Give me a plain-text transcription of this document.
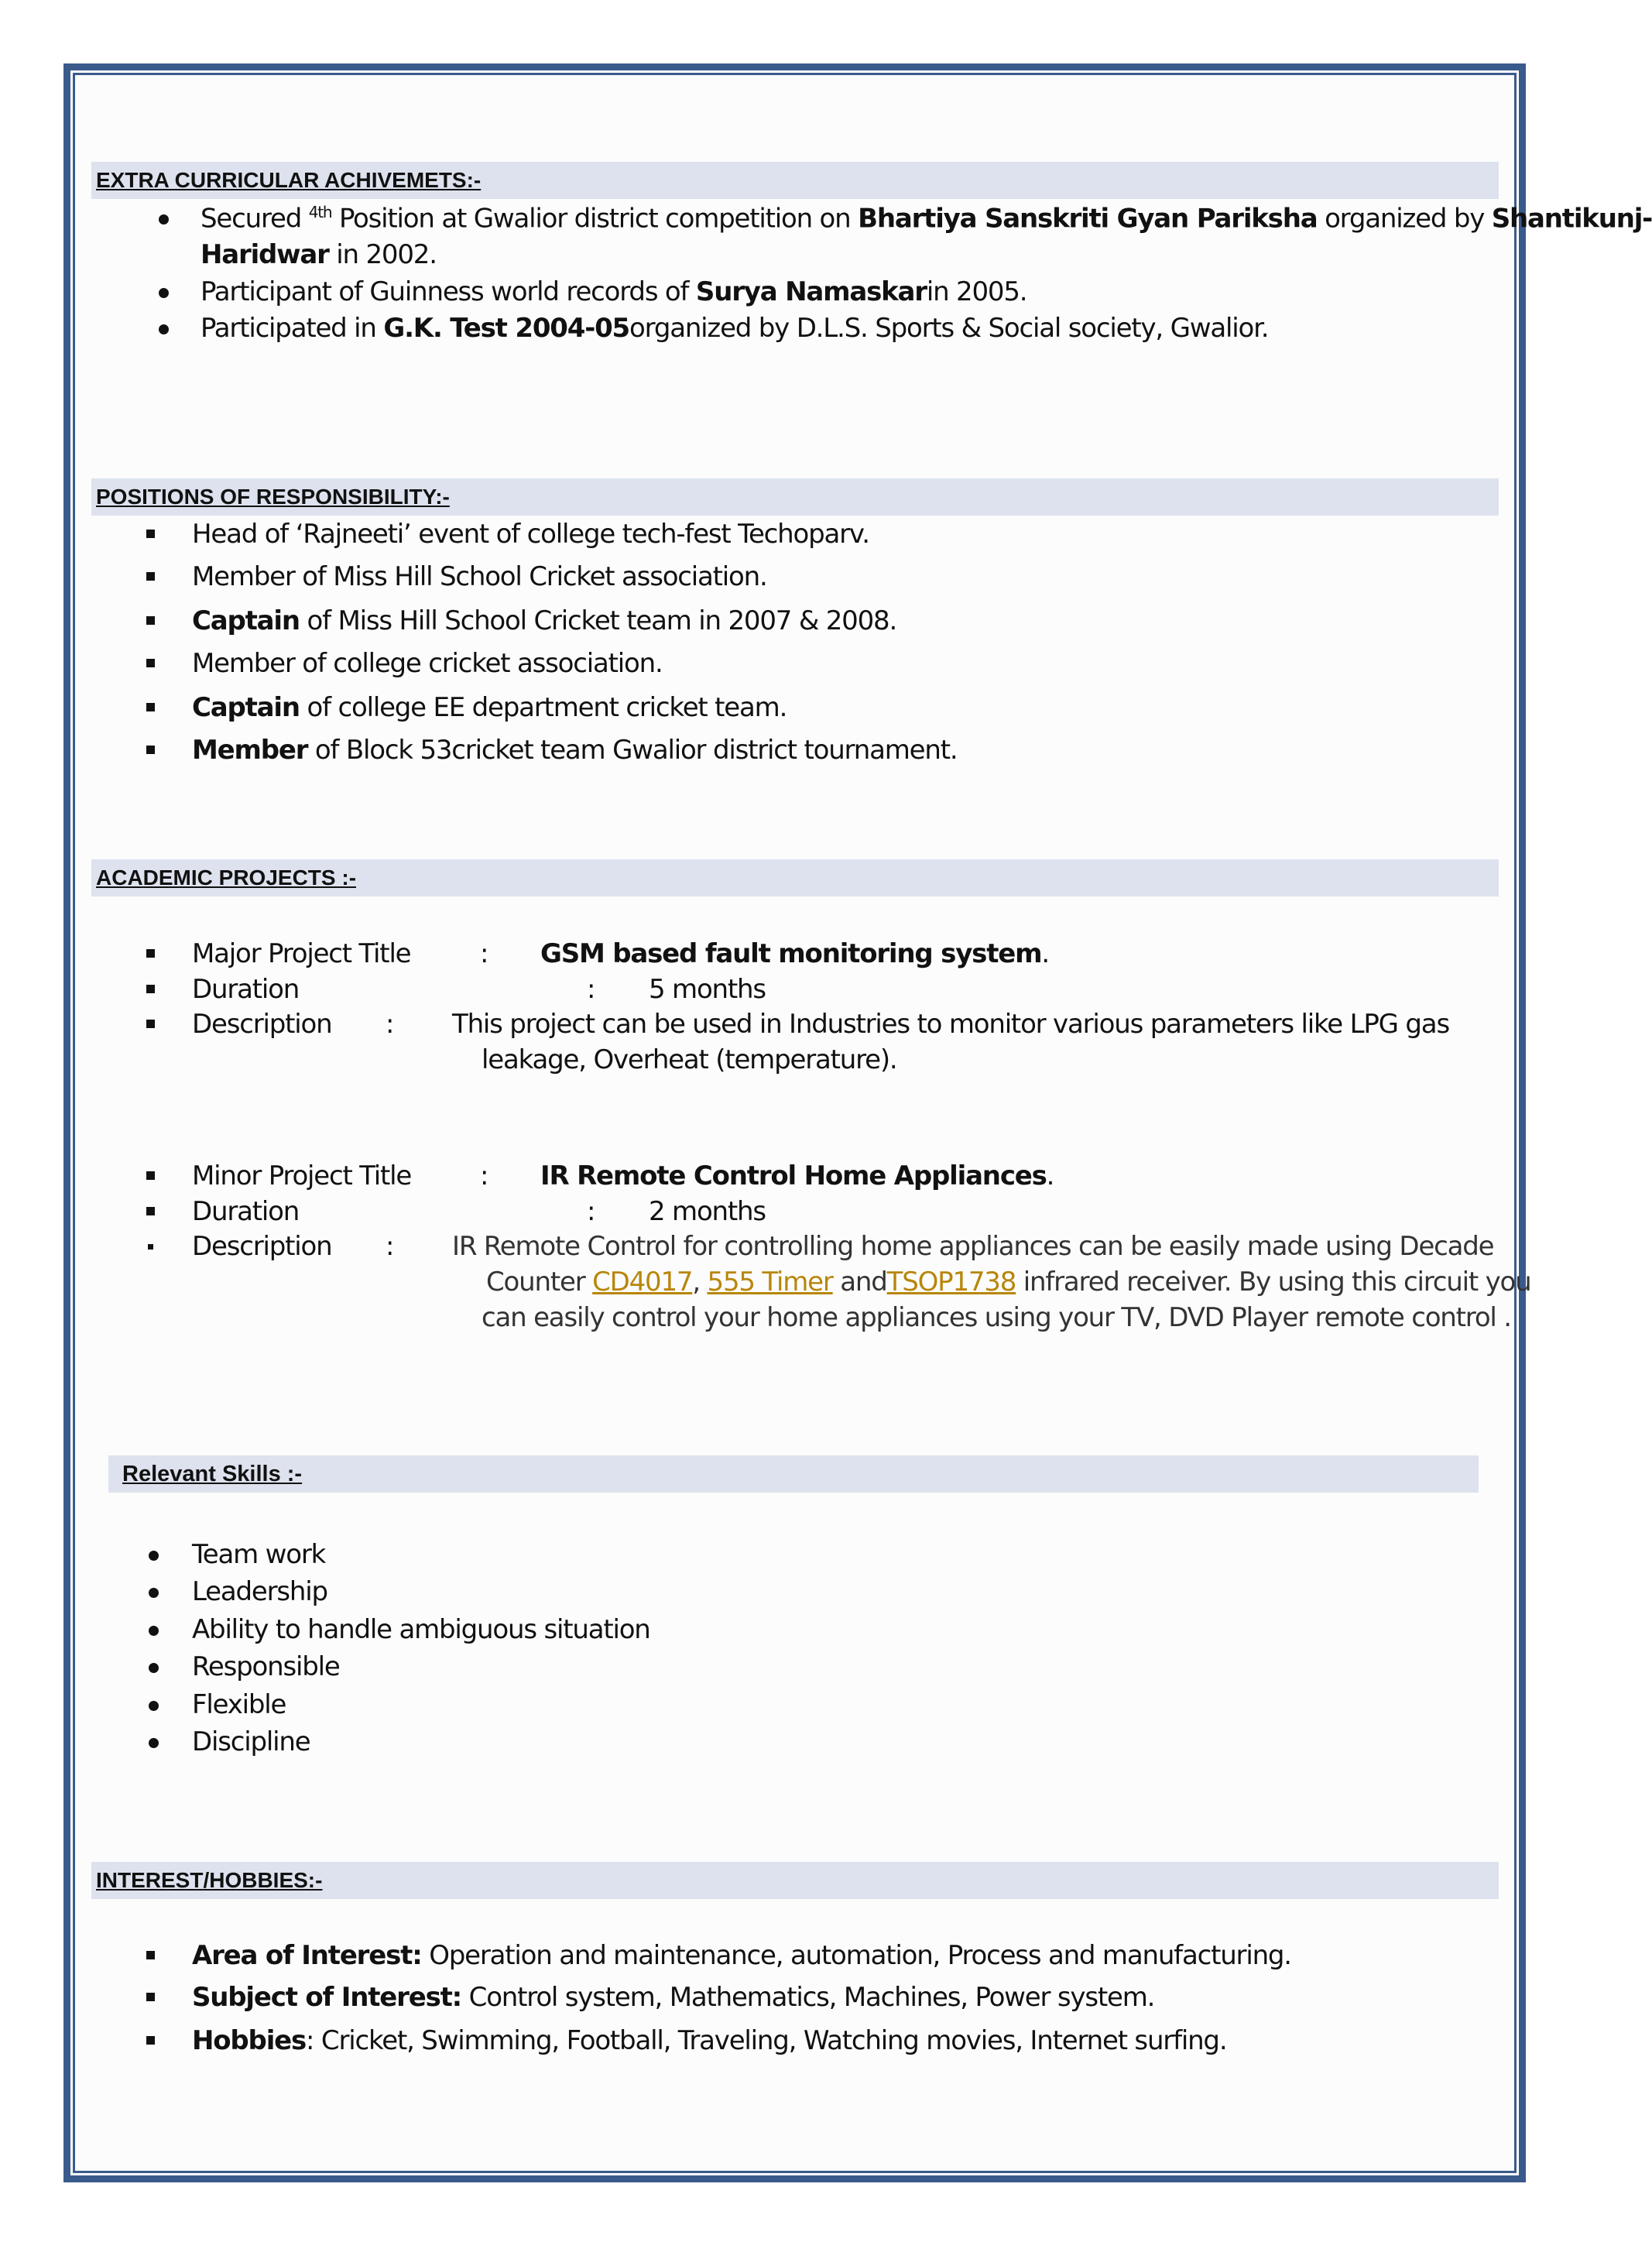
EXTRA CURRICULAR ACHIVEMETS:-
Secured $^{4th}$ Position at Gwalior district competition on Bhartiya Sanskriti Gyan Pariksha organized by Shantikunj-
Haridwar in 2002.
Participant of Guinness world records of Surya Namaskarin 2005.
Participated in G.K. Test 2004-05organized by D.L.S. Sports & Social society, Gwalior.
POSITIONS OF RESPONSIBILITY:-
Head of ‘Rajneeti’ event of college tech-fest Techoparv.
Member of Miss Hill School Cricket association.
Captain of Miss Hill School Cricket team in 2007 & 2008.
Member of college cricket association.
Captain of college EE department cricket team.
Member of Block 53cricket team Gwalior district tournament.
ACADEMIC PROJECTS :-
Major Project Title	: GSM based fault monitoring system.
Duration	: 5 months
Description : This project can be used in Industries to monitor various parameters like LPG gas
leakage, Overheat (temperature).
Minor Project Title	: IR Remote Control Home Appliances.
Duration	: 2 months
Description : IR Remote Control for controlling home appliances can be easily made using Decade
Counter CD4017, 555 Timer andTSOP1738 infrared receiver. By using this circuit you
can easily control your home appliances using your TV, DVD Player remote control .
Relevant Skills :-
Team work
Leadership
Ability to handle ambiguous situation
Responsible
Flexible
Discipline
INTEREST/HOBBIES:-
Area of Interest: Operation and maintenance, automation, Process and manufacturing.
Subject of Interest: Control system, Mathematics, Machines, Power system.
Hobbies: Cricket, Swimming, Football, Traveling, Watching movies, Internet surfing.
